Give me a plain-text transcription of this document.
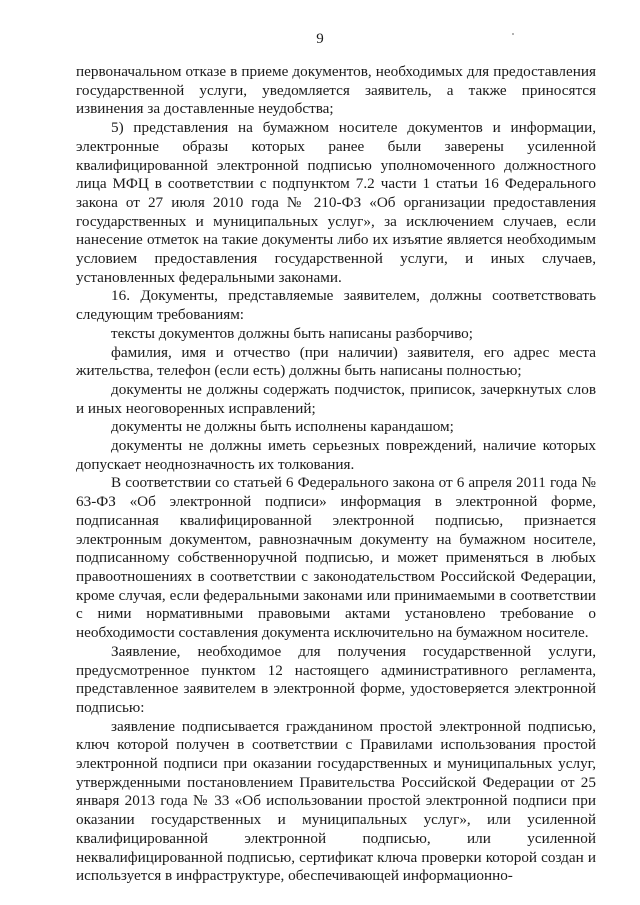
9

первоначальном отказе в приеме документов, необходимых для предоставления государственной услуги, уведомляется заявитель, а также приносятся извинения за доставленные неудобства;

5) представления на бумажном носителе документов и информации, электронные образы которых ранее были заверены усиленной квалифицированной электронной подписью уполномоченного должностного лица МФЦ в соответствии с подпунктом 7.2 части 1 статьи 16 Федерального закона от 27 июля 2010 года № 210-ФЗ «Об организации предоставления государственных и муниципальных услуг», за исключением случаев, если нанесение отметок на такие документы либо их изъятие является необходимым условием предоставления государственной услуги, и иных случаев, установленных федеральными законами.

16. Документы, представляемые заявителем, должны соответствовать следующим требованиям:

тексты документов должны быть написаны разборчиво;

фамилия, имя и отчество (при наличии) заявителя, его адрес места жительства, телефон (если есть) должны быть написаны полностью;

документы не должны содержать подчисток, приписок, зачеркнутых слов и иных неоговоренных исправлений;

документы не должны быть исполнены карандашом;

документы не должны иметь серьезных повреждений, наличие которых допускает неоднозначность их толкования.

В соответствии со статьей 6 Федерального закона от 6 апреля 2011 года № 63-ФЗ «Об электронной подписи» информация в электронной форме, подписанная квалифицированной электронной подписью, признается электронным документом, равнозначным документу на бумажном носителе, подписанному собственноручной подписью, и может применяться в любых правоотношениях в соответствии с законодательством Российской Федерации, кроме случая, если федеральными законами или принимаемыми в соответствии с ними нормативными правовыми актами установлено требование о необходимости составления документа исключительно на бумажном носителе.

Заявление, необходимое для получения государственной услуги, предусмотренное пунктом 12 настоящего административного регламента, представленное заявителем в электронной форме, удостоверяется электронной подписью:

заявление подписывается гражданином простой электронной подписью, ключ которой получен в соответствии с Правилами использования простой электронной подписи при оказании государственных и муниципальных услуг, утвержденными постановлением Правительства Российской Федерации от 25 января 2013 года № 33 «Об использовании простой электронной подписи при оказании государственных и муниципальных услуг», или усиленной квалифицированной электронной подписью, или усиленной неквалифицированной подписью, сертификат ключа проверки которой создан и используется в инфраструктуре, обеспечивающей информационно-
